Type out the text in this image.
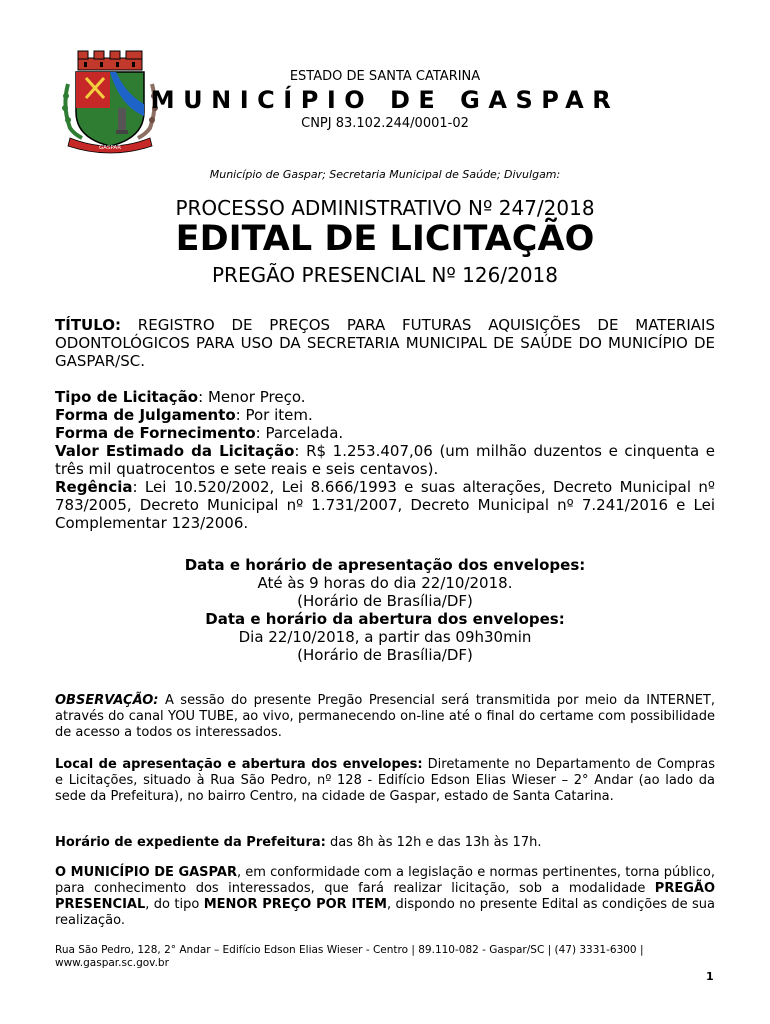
GASPAR
ESTADO DE SANTA CATARINA
MUNICÍPIO DE GASPAR
CNPJ 83.102.244/0001-02
Município de Gaspar; Secretaria Municipal de Saúde; Divulgam:
PROCESSO ADMINISTRATIVO Nº 247/2018
EDITAL DE LICITAÇÃO
PREGÃO PRESENCIAL Nº 126/2018
TÍTULO: REGISTRO DE PREÇOS PARA FUTURAS AQUISIÇÕES DE MATERIAIS ODONTOLÓGICOS PARA USO DA SECRETARIA MUNICIPAL DE SAÚDE DO MUNICÍPIO DE GASPAR/SC.
Tipo de Licitação: Menor Preço.
Forma de Julgamento: Por item.
Forma de Fornecimento: Parcelada.
Valor Estimado da Licitação: R$ 1.253.407,06 (um milhão duzentos e cinquenta e três mil quatrocentos e sete reais e seis centavos).
Regência: Lei 10.520/2002, Lei 8.666/1993 e suas alterações, Decreto Municipal nº 783/2005, Decreto Municipal nº 1.731/2007, Decreto Municipal nº 7.241/2016 e Lei Complementar 123/2006.
Data e horário de apresentação dos envelopes:
Até às 9 horas do dia 22/10/2018.
(Horário de Brasília/DF)
Data e horário da abertura dos envelopes:
Dia 22/10/2018, a partir das 09h30min
(Horário de Brasília/DF)
OBSERVAÇÃO: A sessão do presente Pregão Presencial será transmitida por meio da INTERNET, através do canal YOU TUBE, ao vivo, permanecendo on-line até o final do certame com possibilidade de acesso a todos os interessados.
Local de apresentação e abertura dos envelopes: Diretamente no Departamento de Compras e Licitações, situado à Rua São Pedro, nº 128 - Edifício Edson Elias Wieser – 2° Andar (ao lado da sede da Prefeitura), no bairro Centro, na cidade de Gaspar, estado de Santa Catarina.
Horário de expediente da Prefeitura: das 8h às 12h e das 13h às 17h.
O MUNICÍPIO DE GASPAR, em conformidade com a legislação e normas pertinentes, torna público, para conhecimento dos interessados, que fará realizar licitação, sob a modalidade PREGÃO PRESENCIAL, do tipo MENOR PREÇO POR ITEM, dispondo no presente Edital as condições de sua realização.
Rua São Pedro, 128, 2° Andar – Edifício Edson Elias Wieser - Centro | 89.110-082 - Gaspar/SC | (47) 3331-6300 |
www.gaspar.sc.gov.br
1
